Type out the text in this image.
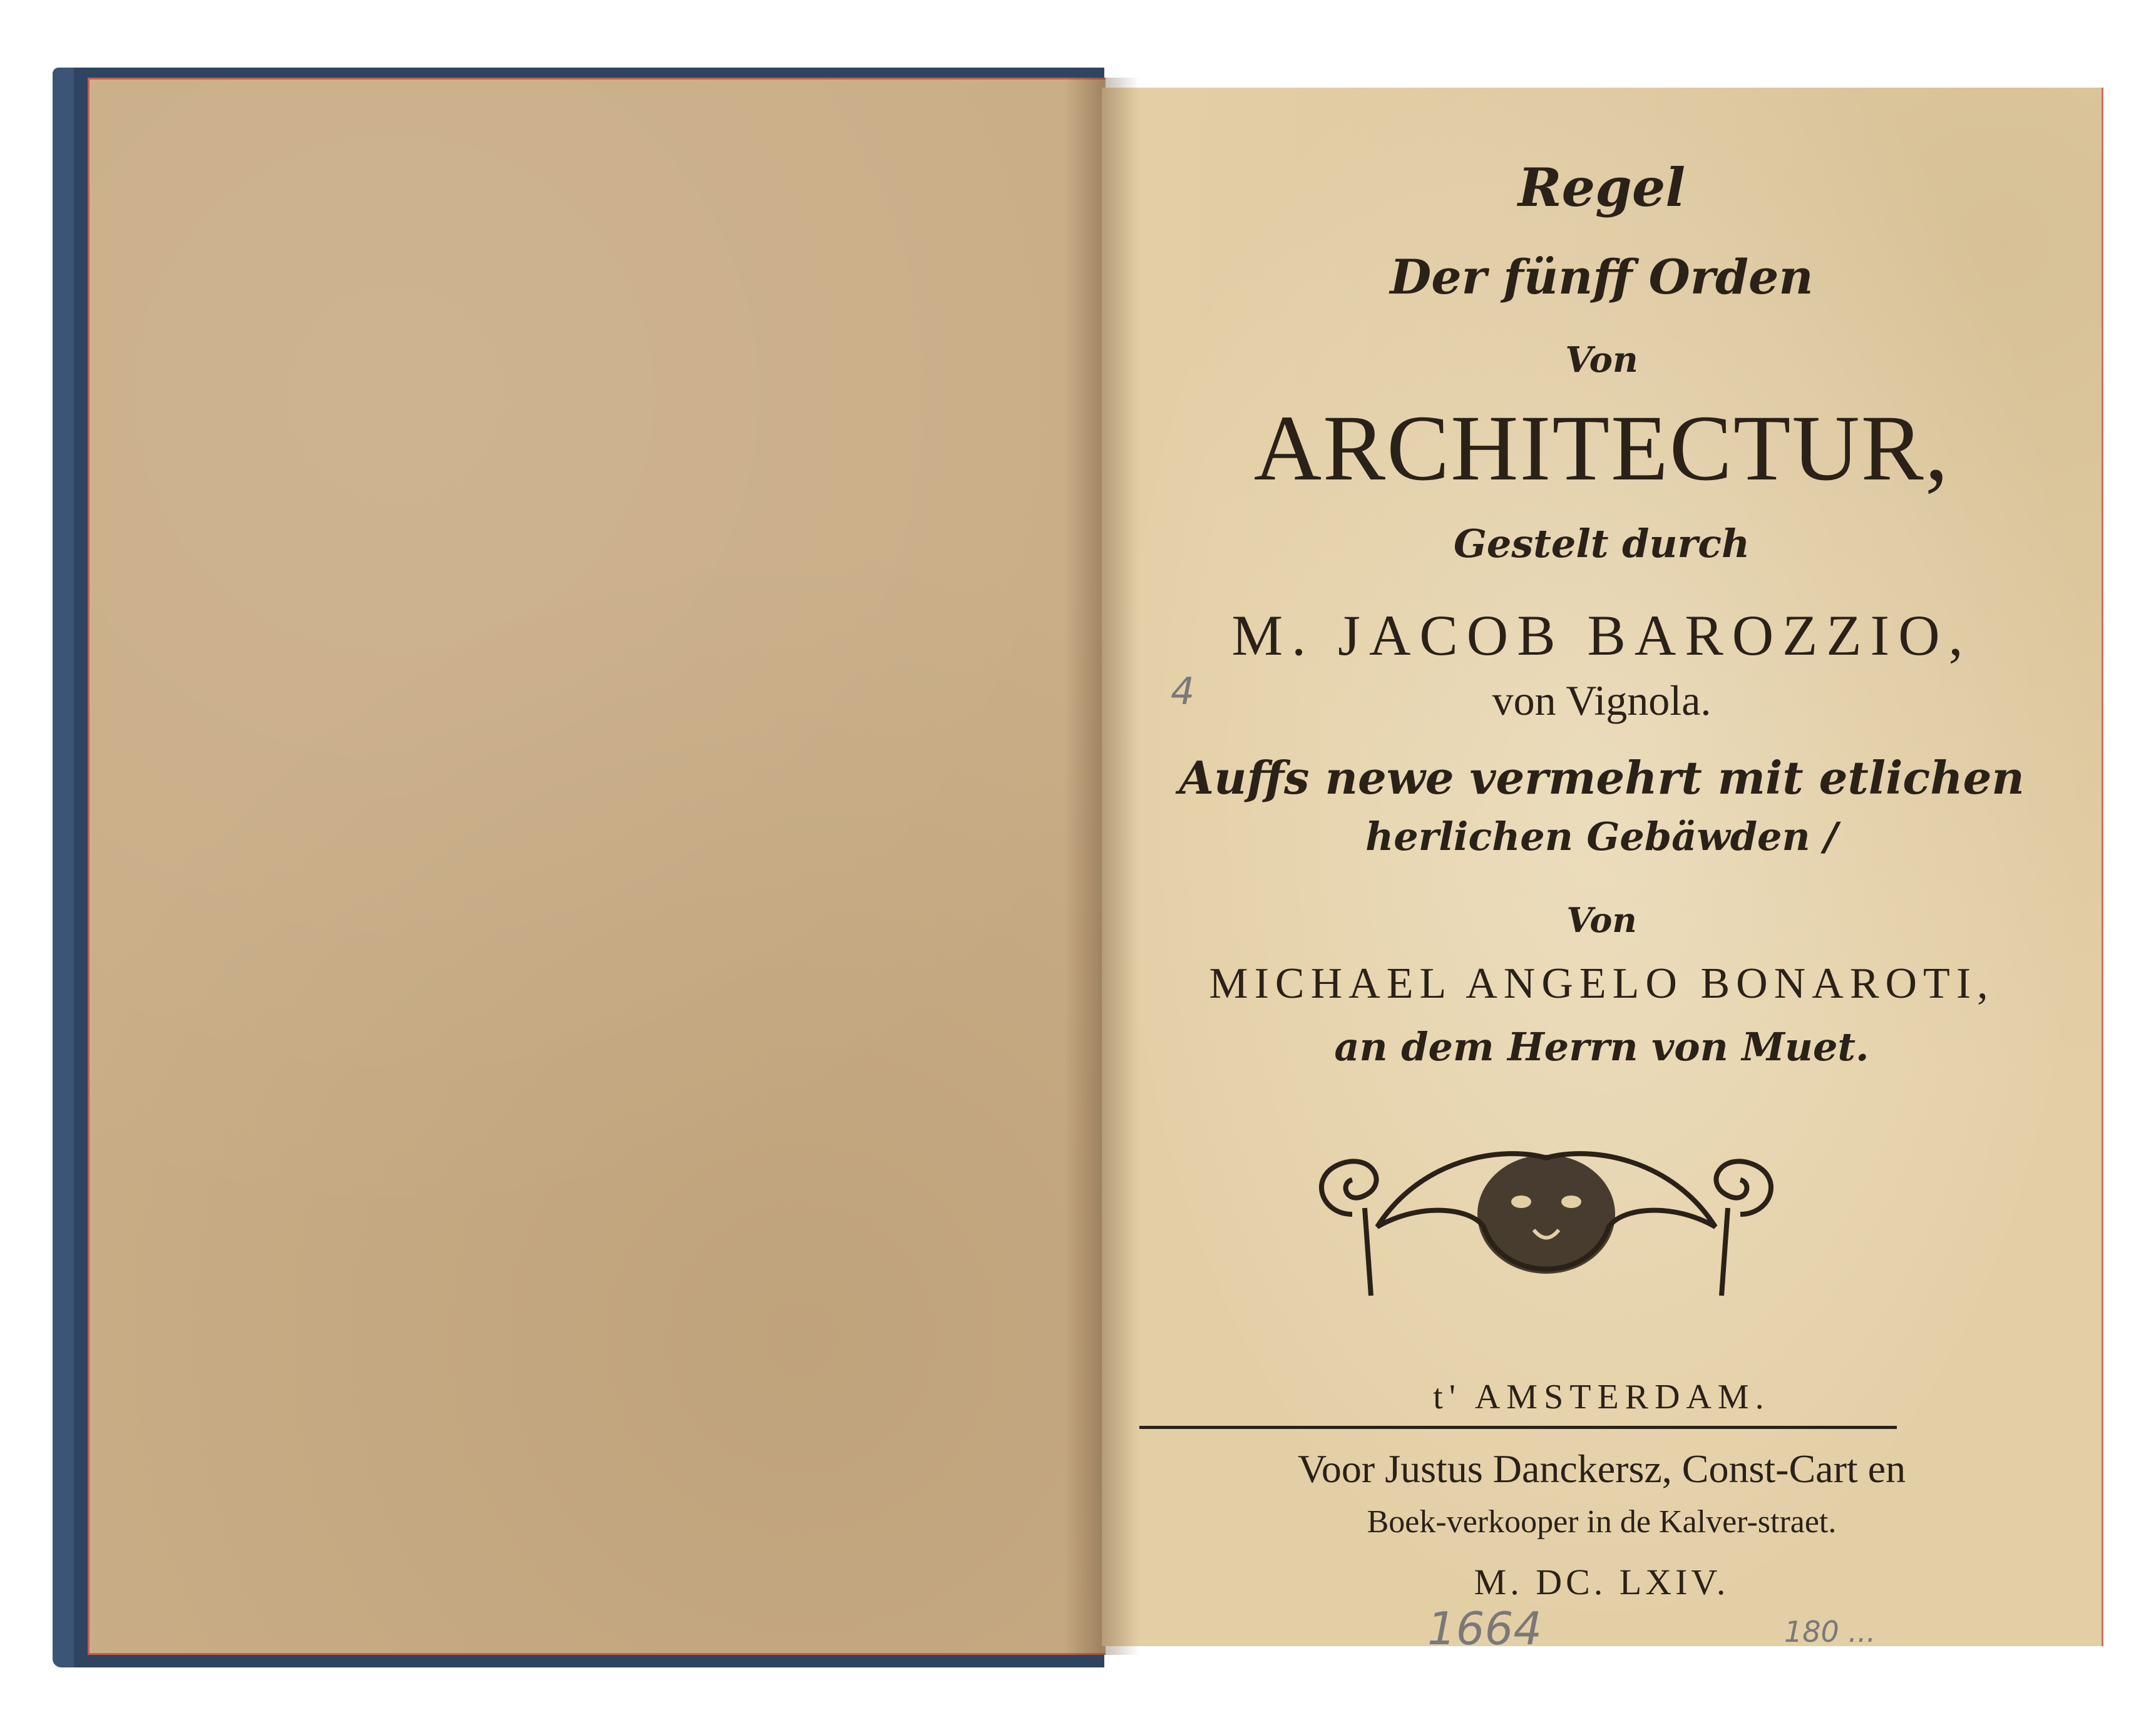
Regel
Der fünff Orden
Von
ARCHITECTUR,
Gestelt durch
M. JACOB BAROZZIO,
von Vignola.
Auffs newe vermehrt mit etlichen
herlichen Gebäwden /
Von
MICHAEL ANGELO BONAROTI,
an dem Herrn von Muet.
t' AMSTERDAM.
Voor Justus Danckersz, Const-Cart en
Boek-verkooper in de Kalver-straet.
M. DC. LXIV.
1664
4
180 ...
